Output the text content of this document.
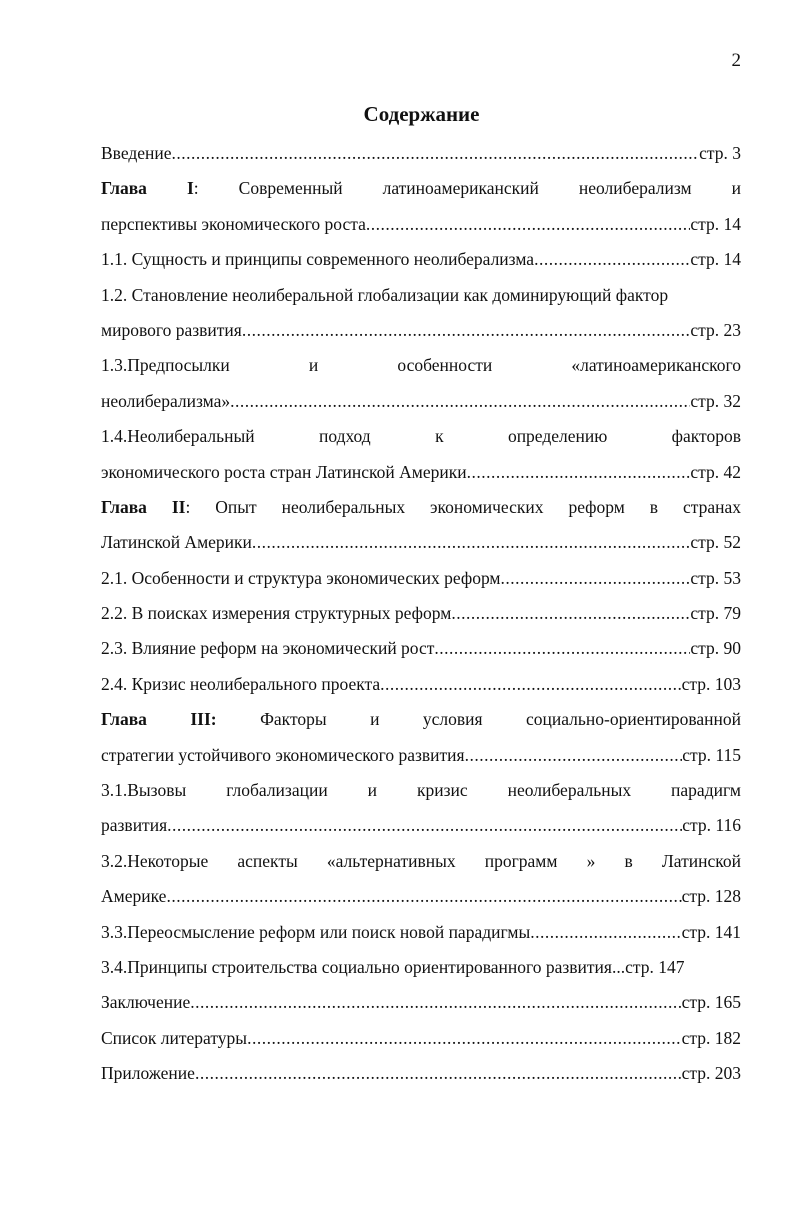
2
Содержание
Введение .....	стр. 3
Глава I: Современный латиноамериканский неолиберализм и
перспективы экономического роста .....	стр. 14
1.1. Сущность и принципы современного неолиберализма .....	стр. 14
1.2. Становление неолиберальной глобализации как доминирующий фактор
мирового развития .....	стр. 23
1.3.Предпосылки и особенности «латиноамериканского
неолиберализма» .....	стр. 32
1.4.Неолиберальный подход к определению факторов
экономического роста стран Латинской Америки .....	стр. 42
Глава II: Опыт неолиберальных экономических реформ в странах
Латинской Америки .....	стр. 52
2.1. Особенности и структура экономических реформ .....	стр. 53
2.2. В поисках измерения структурных реформ .....	стр. 79
2.3. Влияние реформ на экономический рост .....	стр. 90
2.4. Кризис неолиберального проекта .....	стр. 103
Глава III: Факторы и условия социально-ориентированной
стратегии устойчивого экономического развития .....	стр. 115
3.1.Вызовы глобализации и кризис неолиберальных парадигм
развития .....	стр. 116
3.2.Некоторые аспекты «альтернативных программ » в Латинской
Америке .....	стр. 128
3.3.Переосмысление реформ или поиск новой парадигмы .....	стр. 141
3.4.Принципы строительства социально ориентированного развития... стр. 147
Заключение .....	стр. 165
Список литературы .....	стр. 182
Приложение .....	стр. 203
